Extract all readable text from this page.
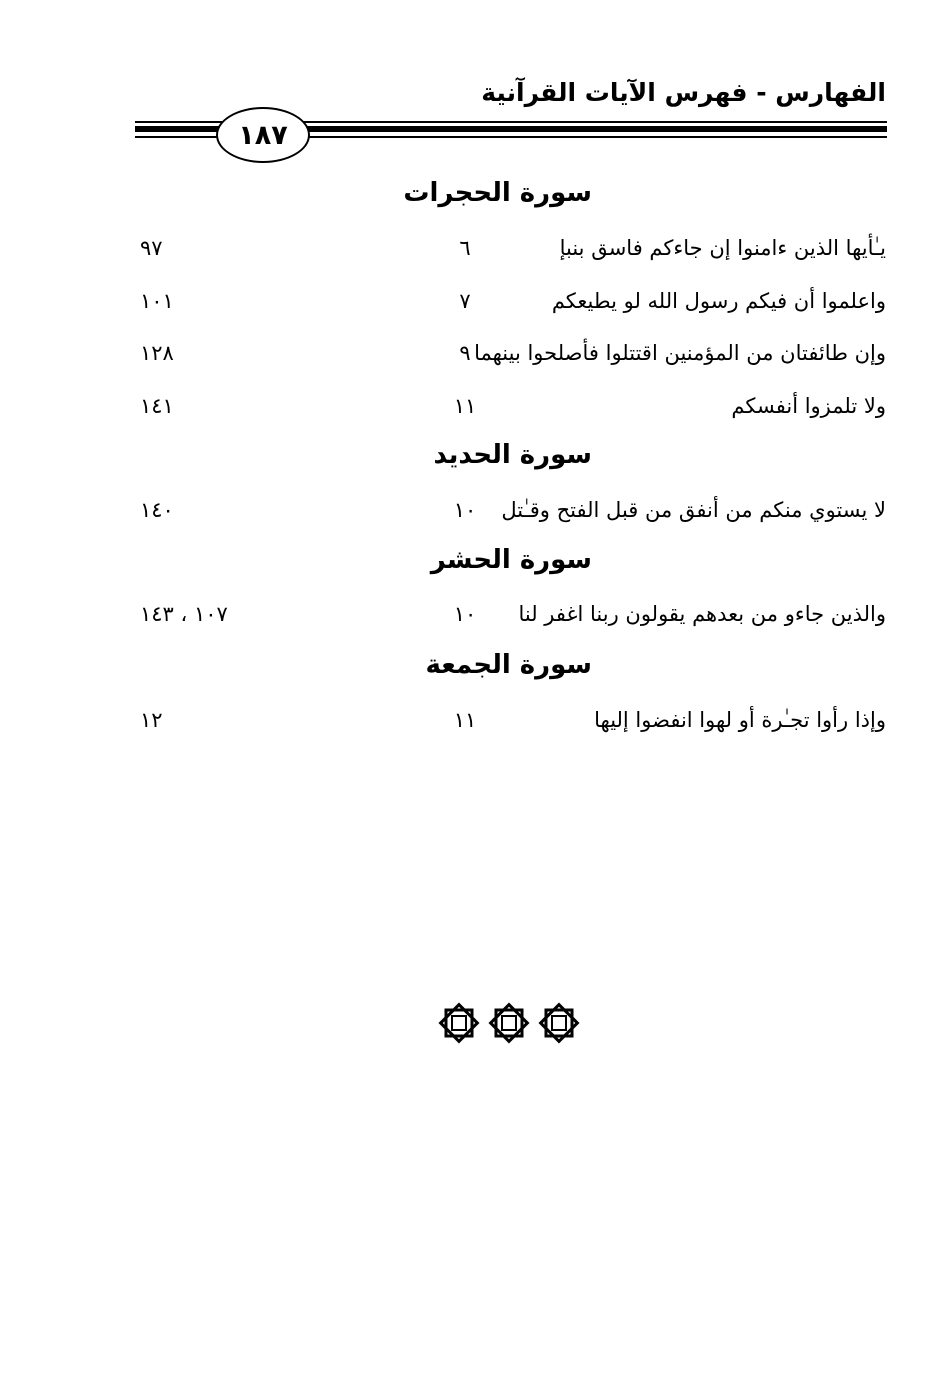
الفهارس - فهرس الآيات القرآنية
١٨٧
سورة الحجرات
يـٰأيها الذين ءامنوا إن جاءكم فاسق بنبإ
٦
٩٧
واعلموا أن فيكم رسول الله لو يطيعكم
٧
١٠١
وإن طائفتان من المؤمنين اقتتلوا فأصلحوا بينهما
٩
١٢٨
ولا تلمزوا أنفسكم
١١
١٤١
سورة الحديد
لا يستوي منكم من أنفق من قبل الفتح وقـٰتل
١٠
١٤٠
سورة الحشر
والذين جاءو من بعدهم يقولون ربنا اغفر لنا
١٠
١٠٧ ، ١٤٣
سورة الجمعة
وإذا رأوا تجـٰرة أو لهوا انفضوا إليها
١١
١٢
